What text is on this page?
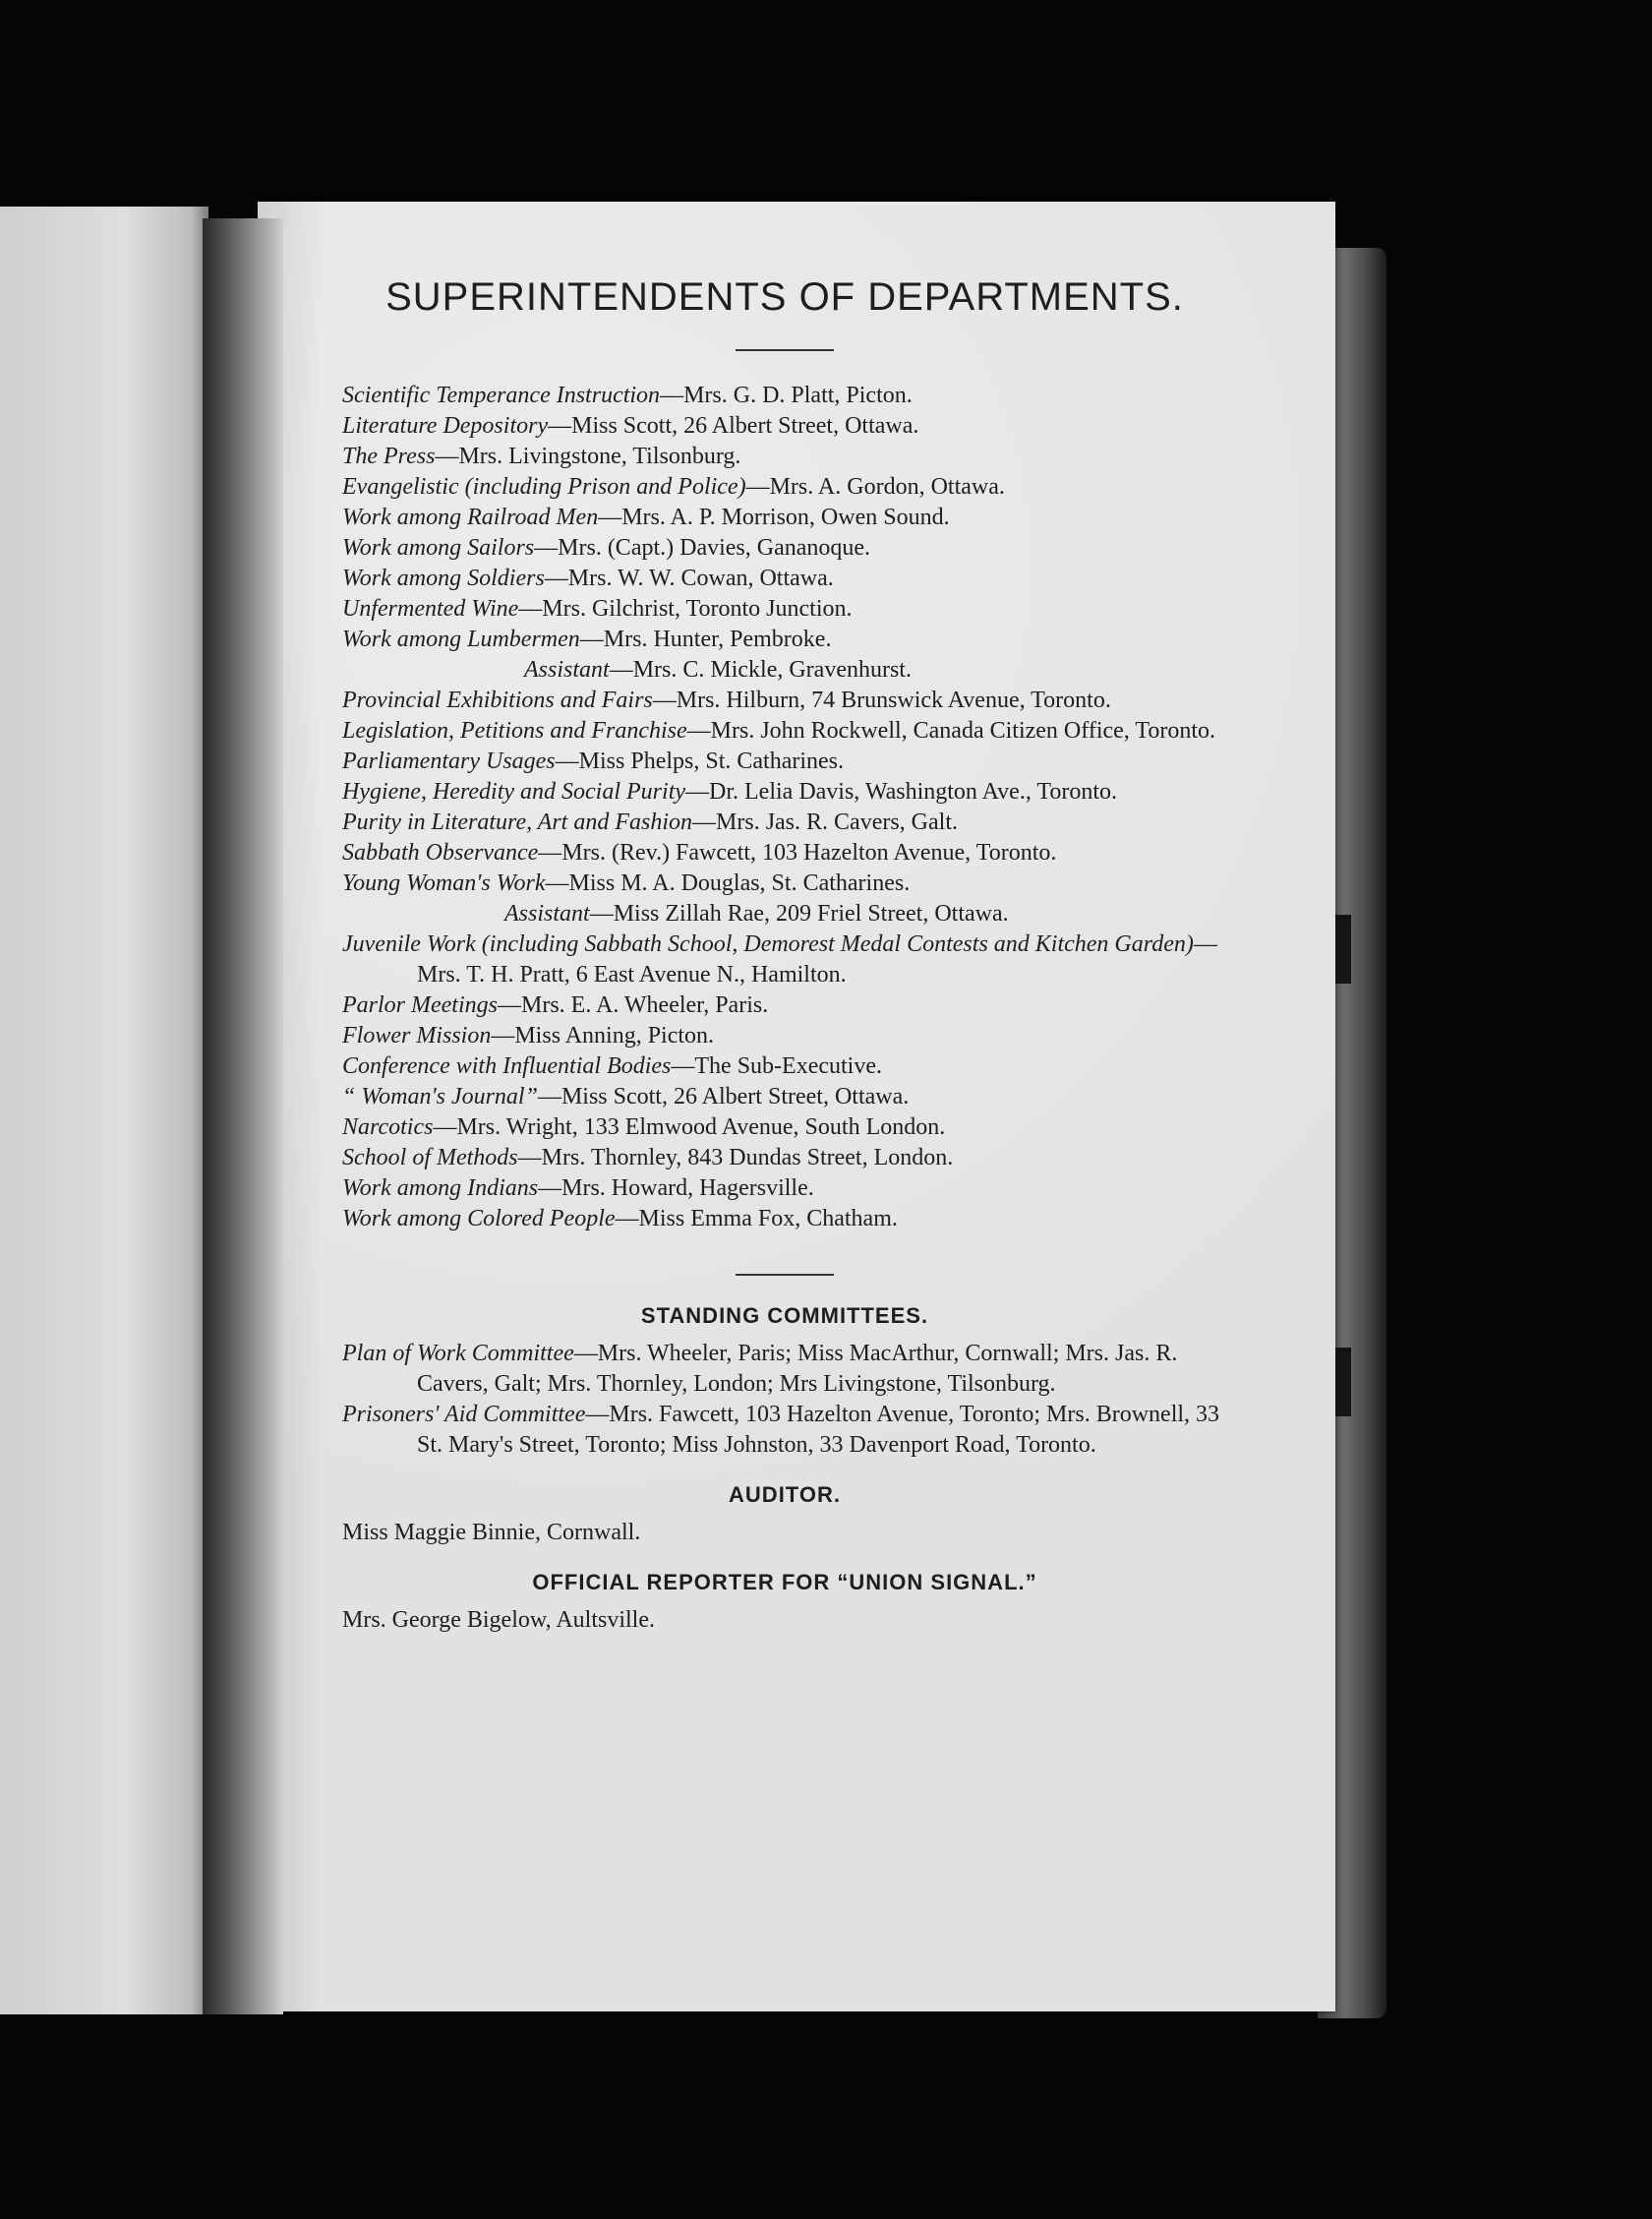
SUPERINTENDENTS OF DEPARTMENTS.

Scientific Temperance Instruction—Mrs. G. D. Platt, Picton.

Literature Depository—Miss Scott, 26 Albert Street, Ottawa.

The Press—Mrs. Livingstone, Tilsonburg.

Evangelistic (including Prison and Police)—Mrs. A. Gordon, Ottawa.

Work among Railroad Men—Mrs. A. P. Morrison, Owen Sound.

Work among Sailors—Mrs. (Capt.) Davies, Gananoque.

Work among Soldiers—Mrs. W. W. Cowan, Ottawa.

Unfermented Wine—Mrs. Gilchrist, Toronto Junction.

Work among Lumbermen—Mrs. Hunter, Pembroke.

Assistant—Mrs. C. Mickle, Gravenhurst.

Provincial Exhibitions and Fairs—Mrs. Hilburn, 74 Brunswick Avenue, Toronto.

Legislation, Petitions and Franchise—Mrs. John Rockwell, Canada Citizen Office, Toronto.

Parliamentary Usages—Miss Phelps, St. Catharines.

Hygiene, Heredity and Social Purity—Dr. Lelia Davis, Washington Ave., Toronto.

Purity in Literature, Art and Fashion—Mrs. Jas. R. Cavers, Galt.

Sabbath Observance—Mrs. (Rev.) Fawcett, 103 Hazelton Avenue, Toronto.

Young Woman's Work—Miss M. A. Douglas, St. Catharines.

Assistant—Miss Zillah Rae, 209 Friel Street, Ottawa.

Juvenile Work (including Sabbath School, Demorest Medal Contests and Kitchen Garden)—Mrs. T. H. Pratt, 6 East Avenue N., Hamilton.

Parlor Meetings—Mrs. E. A. Wheeler, Paris.

Flower Mission—Miss Anning, Picton.

Conference with Influential Bodies—The Sub-Executive.

“ Woman's Journal”—Miss Scott, 26 Albert Street, Ottawa.

Narcotics—Mrs. Wright, 133 Elmwood Avenue, South London.

School of Methods—Mrs. Thornley, 843 Dundas Street, London.

Work among Indians—Mrs. Howard, Hagersville.

Work among Colored People—Miss Emma Fox, Chatham.

STANDING COMMITTEES.

Plan of Work Committee—Mrs. Wheeler, Paris; Miss MacArthur, Cornwall; Mrs. Jas. R. Cavers, Galt; Mrs. Thornley, London; Mrs Livingstone, Tilsonburg.

Prisoners' Aid Committee—Mrs. Fawcett, 103 Hazelton Avenue, Toronto; Mrs. Brownell, 33 St. Mary's Street, Toronto; Miss Johnston, 33 Davenport Road, Toronto.

AUDITOR.

Miss Maggie Binnie, Cornwall.

OFFICIAL REPORTER FOR “UNION SIGNAL.”

Mrs. George Bigelow, Aultsville.
